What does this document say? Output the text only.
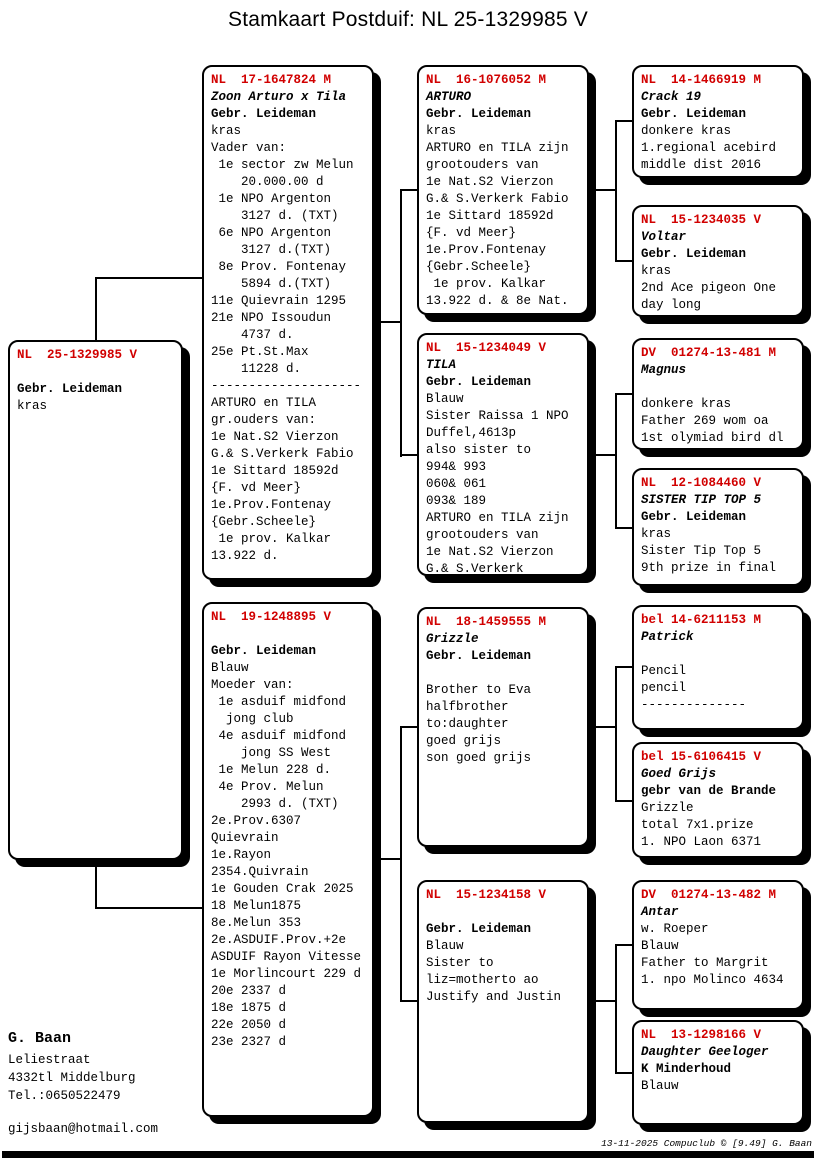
Stamkaart Postduif: NL 25-1329985 V
NL  25-1329985 V

Gebr. Leideman
kras
NL  17-1647824 M
Zoon Arturo x Tila
Gebr. Leideman
kras
Vader van:
1e sector zw Melun
20.000.00 d
1e NPO Argenton
3127 d. (TXT)
6e NPO Argenton
3127 d.(TXT)
8e Prov. Fontenay
5894 d.(TXT)
11e Quievrain 1295
21e NPO Issoudun
4737 d.
25e Pt.St.Max
11228 d.
--------------------
ARTURO en TILA
gr.ouders van:
1e Nat.S2 Vierzon
G.& S.Verkerk Fabio
1e Sittard 18592d
{F. vd Meer}
1e.Prov.Fontenay
{Gebr.Scheele}
1e prov. Kalkar
13.922 d.
NL  19-1248895 V

Gebr. Leideman
Blauw
Moeder van:
1e asduif midfond
jong club
4e asduif midfond
jong SS West
1e Melun 228 d.
4e Prov. Melun
2993 d. (TXT)
2e.Prov.6307
Quievrain
1e.Rayon
2354.Quivrain
1e Gouden Crak 2025
18 Melun1875
8e.Melun 353
2e.ASDUIF.Prov.+2e
ASDUIF Rayon Vitesse
1e Morlincourt 229 d
20e 2337 d
18e 1875 d
22e 2050 d
23e 2327 d
NL  16-1076052 M
ARTURO
Gebr. Leideman
kras
ARTURO en TILA zijn
grootouders van
1e Nat.S2 Vierzon
G.& S.Verkerk Fabio
1e Sittard 18592d
{F. vd Meer}
1e.Prov.Fontenay
{Gebr.Scheele}
1e prov. Kalkar
13.922 d. & 8e Nat.
NL  15-1234049 V
TILA
Gebr. Leideman
Blauw
Sister Raissa 1 NPO
Duffel,4613p
also sister to
994& 993
060& 061
093& 189
ARTURO en TILA zijn
grootouders van
1e Nat.S2 Vierzon
G.& S.Verkerk
NL  18-1459555 M
Grizzle
Gebr. Leideman

Brother to Eva
halfbrother
to:daughter
goed grijs
son goed grijs
NL  15-1234158 V

Gebr. Leideman
Blauw
Sister to
liz=motherto ao
Justify and Justin
NL  14-1466919 M
Crack 19
Gebr. Leideman
donkere kras
1.regional acebird
middle dist 2016
NL  15-1234035 V
Voltar
Gebr. Leideman
kras
2nd Ace pigeon One
day long
DV  01274-13-481 M
Magnus

donkere kras
Father 269 wom oa
1st olymiad bird dl
NL  12-1084460 V
SISTER TIP TOP 5
Gebr. Leideman
kras
Sister Tip Top 5
9th prize in final
bel 14-6211153 M
Patrick

Pencil
pencil
--------------
bel 15-6106415 V
Goed Grijs
gebr van de Brande
Grizzle
total 7x1.prize
1. NPO Laon 6371
DV  01274-13-482 M
Antar
w. Roeper
Blauw
Father to Margrit
1. npo Molinco 4634
NL  13-1298166 V
Daughter Geeloger
K Minderhoud
Blauw
G. Baan
Leliestraat
4332tl Middelburg
Tel.:0650522479
gijsbaan@hotmail.com
13-11-2025 Compuclub © [9.49] G. Baan
